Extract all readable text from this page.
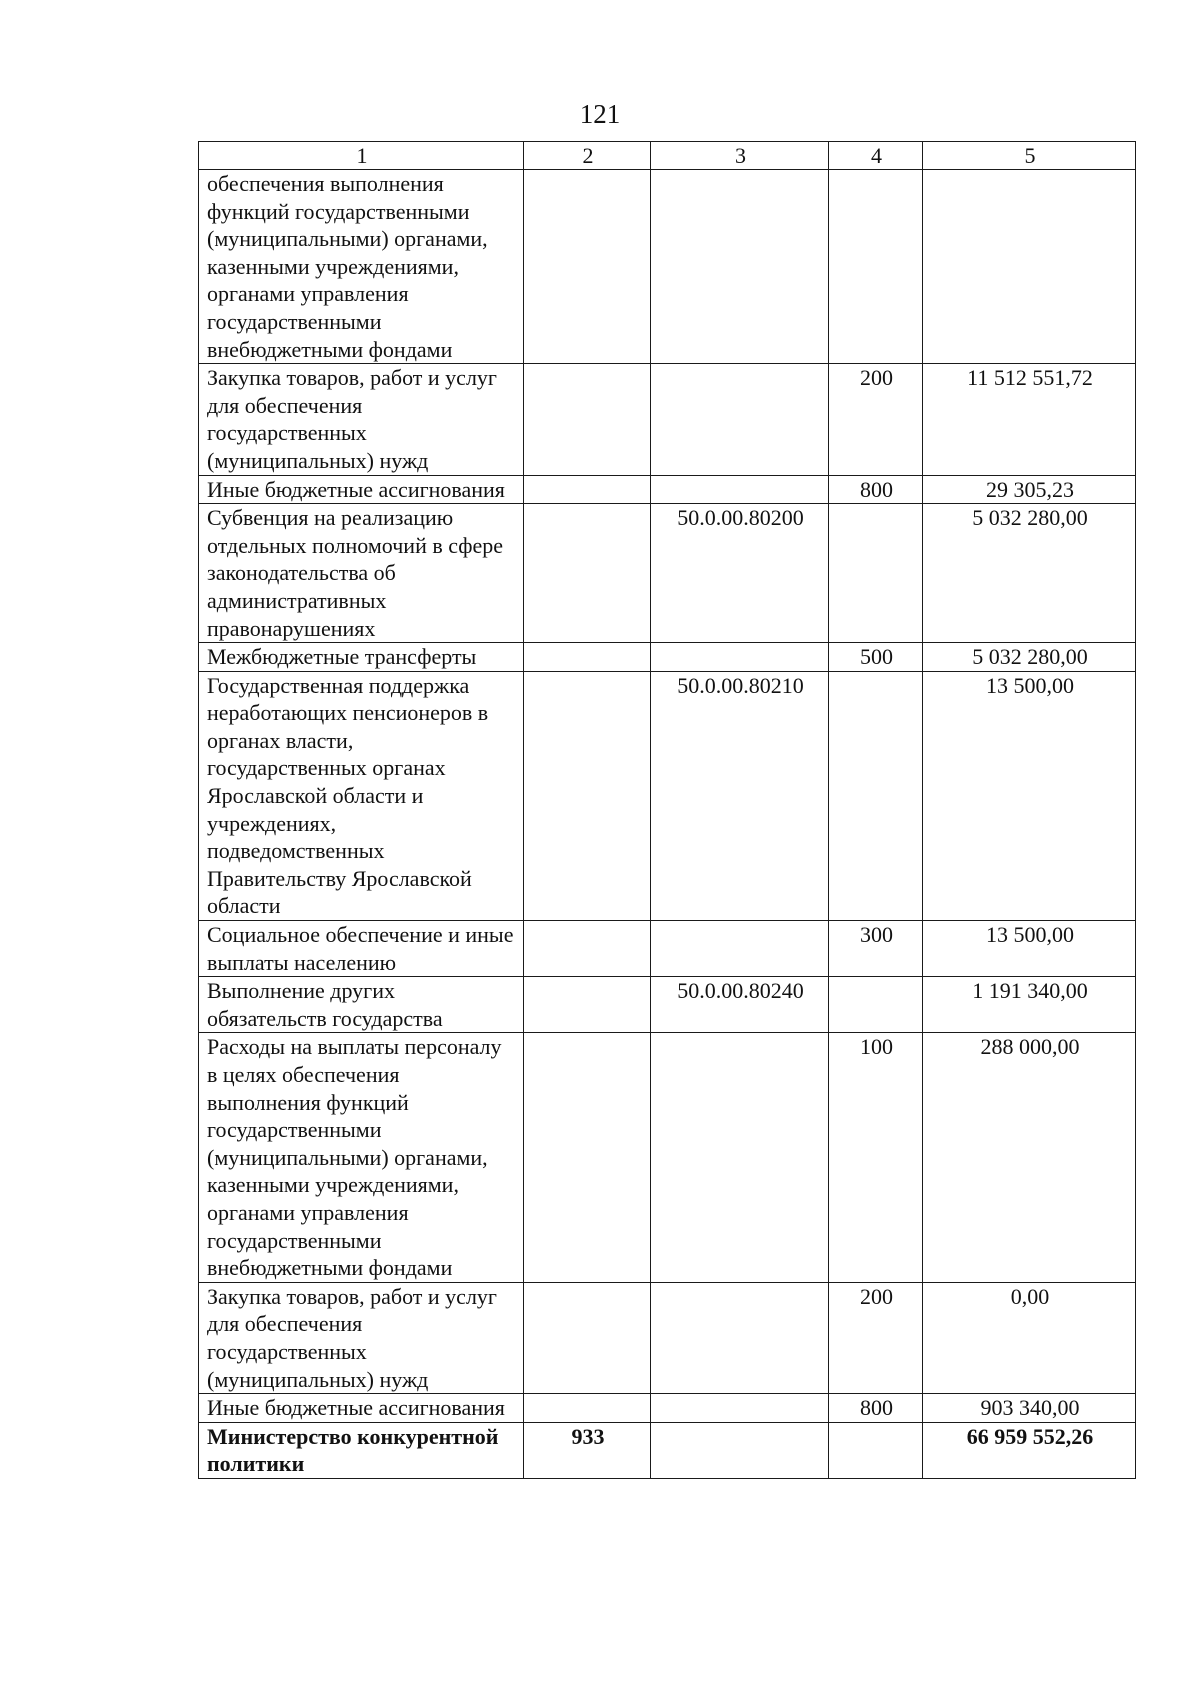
121
1	2	3	4	5
обеспечения выполнения функций государственными (муниципальными) органами, казенными учреждениями, органами управления государственными внебюджетными фондами				
Закупка товаров, работ и услуг для обеспечения государственных (муниципальных) нужд			200	11 512 551,72
Иные бюджетные ассигнования			800	29 305,23
Субвенция на реализацию отдельных полномочий в сфере законодательства об административных правонарушениях		50.0.00.80200		5 032 280,00
Межбюджетные трансферты			500	5 032 280,00
Государственная поддержка неработающих пенсионеров в органах власти, государственных органах Ярославской области и учреждениях, подведомственных Правительству Ярославской области		50.0.00.80210		13 500,00
Социальное обеспечение и иные выплаты населению			300	13 500,00
Выполнение других обязательств государства		50.0.00.80240		1 191 340,00
Расходы на выплаты персоналу в целях обеспечения выполнения функций государственными (муниципальными) органами, казенными учреждениями, органами управления государственными внебюджетными фондами			100	288 000,00
Закупка товаров, работ и услуг для обеспечения государственных (муниципальных) нужд			200	0,00
Иные бюджетные ассигнования			800	903 340,00
Министерство конкурентной политики	933			66 959 552,26
